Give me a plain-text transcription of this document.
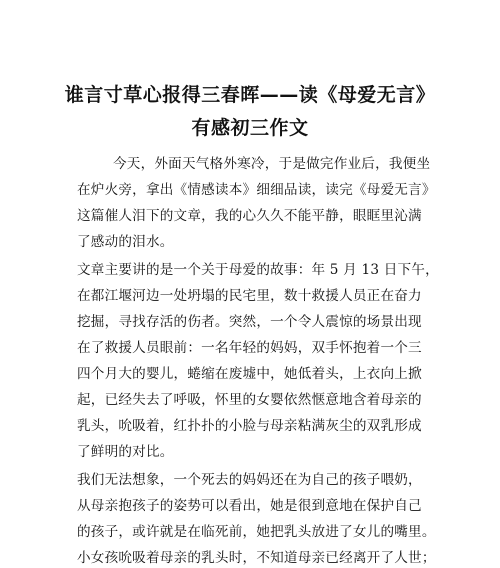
谁言寸草心报得三春晖——读《母爱无言》
有感初三作文
今天，外面天气格外寒冷，于是做完作业后，我便坐
在炉火旁，拿出《情感读本》细细品读，读完《母爱无言》
这篇催人泪下的文章，我的心久久不能平静，眼眶里沁满
了感动的泪水。
文章主要讲的是一个关于母爱的故事：年 5 月 13 日下午，
在都江堰河边一处坍塌的民宅里，数十救援人员正在奋力
挖掘，寻找存活的伤者。突然，一个令人震惊的场景出现
在了救援人员眼前：一名年轻的妈妈，双手怀抱着一个三
四个月大的婴儿，蜷缩在废墟中，她低着头，上衣向上掀
起，已经失去了呼吸，怀里的女婴依然惬意地含着母亲的
乳头，吮吸着，红扑扑的小脸与母亲粘满灰尘的双乳形成
了鲜明的对比。
我们无法想象，一个死去的妈妈还在为自己的孩子喂奶，
从母亲抱孩子的姿势可以看出，她是很到意地在保护自己
的孩子，或许就是在临死前，她把乳头放进了女儿的嘴里。
小女孩吮吸着母亲的乳头时，不知道母亲已经离开了人世；
